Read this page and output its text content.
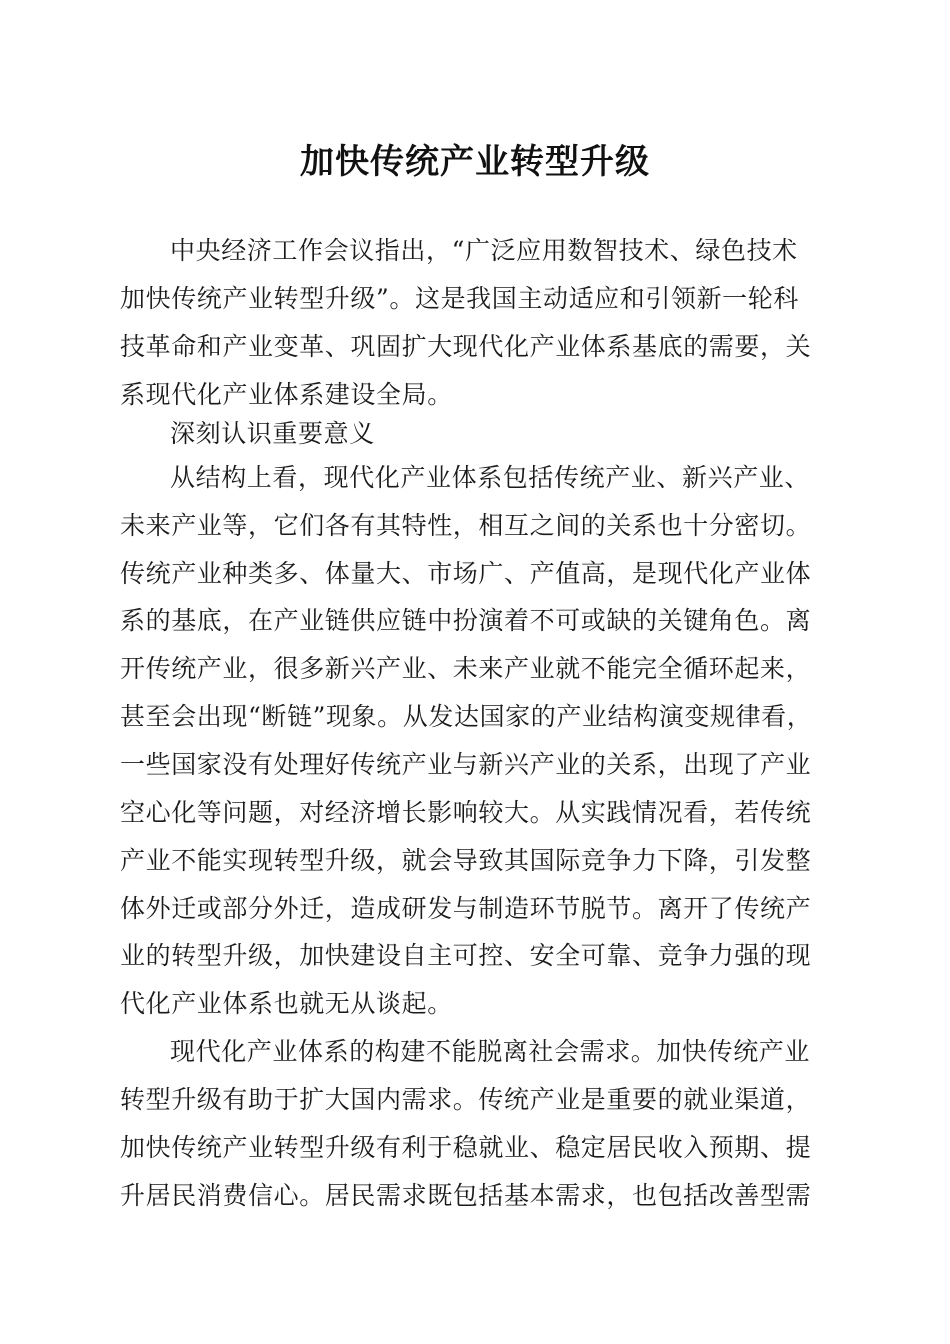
加快传统产业转型升级
中央经济工作会议指出，“广泛应用数智技术、绿色技术
加快传统产业转型升级”。这是我国主动适应和引领新一轮科
技革命和产业变革、巩固扩大现代化产业体系基底的需要，关
系现代化产业体系建设全局。
深刻认识重要意义
从结构上看，现代化产业体系包括传统产业、新兴产业、
未来产业等，它们各有其特性，相互之间的关系也十分密切。
传统产业种类多、体量大、市场广、产值高，是现代化产业体
系的基底，在产业链供应链中扮演着不可或缺的关键角色。离
开传统产业，很多新兴产业、未来产业就不能完全循环起来，
甚至会出现“断链”现象。从发达国家的产业结构演变规律看，
一些国家没有处理好传统产业与新兴产业的关系，出现了产业
空心化等问题，对经济增长影响较大。从实践情况看，若传统
产业不能实现转型升级，就会导致其国际竞争力下降，引发整
体外迁或部分外迁，造成研发与制造环节脱节。离开了传统产
业的转型升级，加快建设自主可控、安全可靠、竞争力强的现
代化产业体系也就无从谈起。
现代化产业体系的构建不能脱离社会需求。加快传统产业
转型升级有助于扩大国内需求。传统产业是重要的就业渠道，
加快传统产业转型升级有利于稳就业、稳定居民收入预期、提
升居民消费信心。居民需求既包括基本需求，也包括改善型需
